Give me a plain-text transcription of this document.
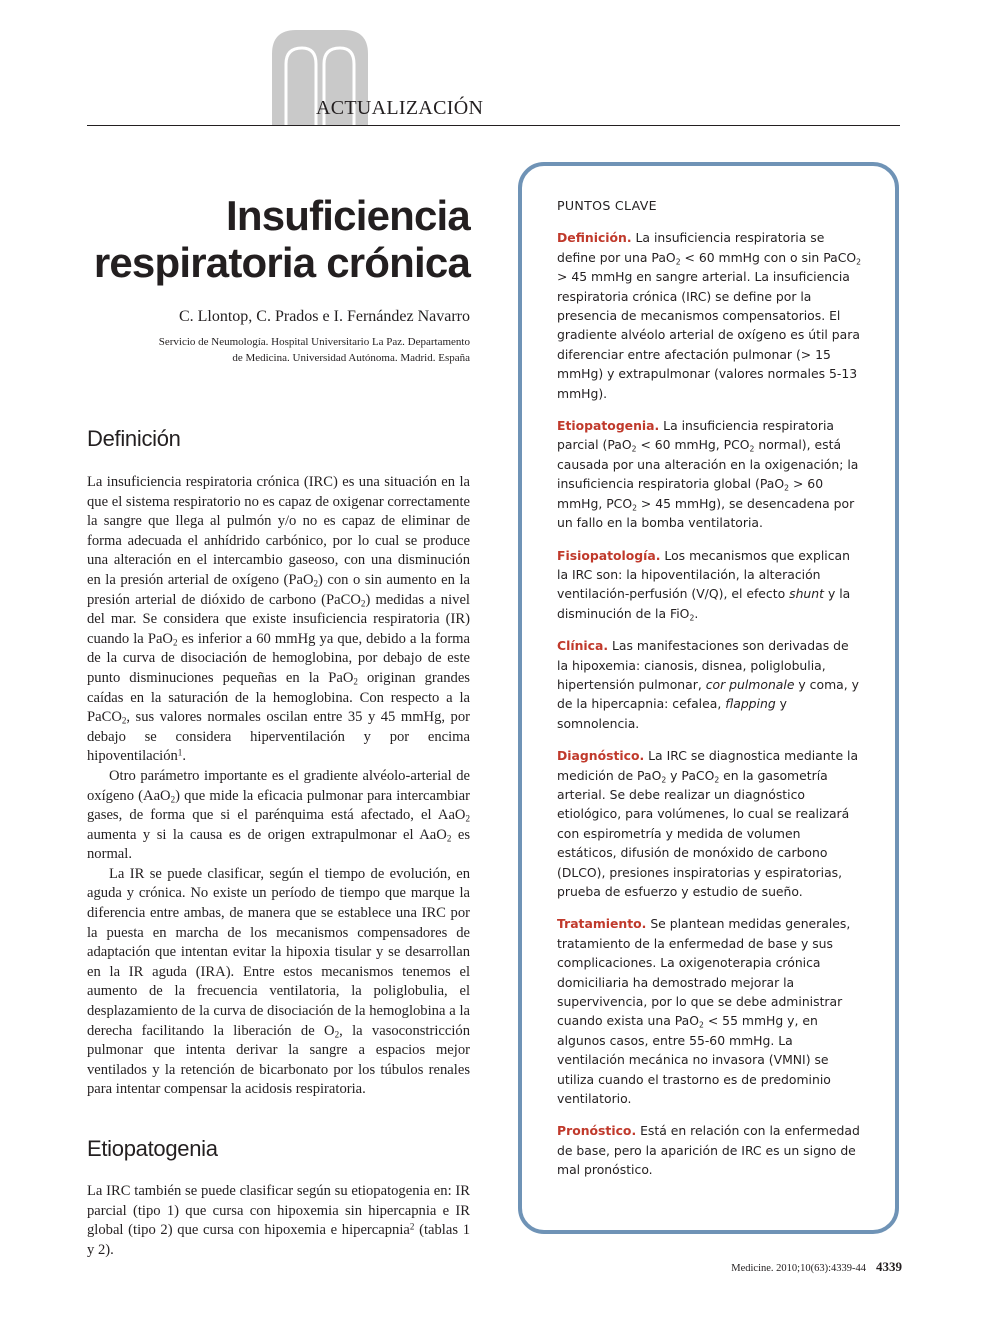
ACTUALIZACIÓN
Insuficiencia
respiratoria crónica
C. Llontop, C. Prados e I. Fernández Navarro
Servicio de Neumología. Hospital Universitario La Paz. Departamento
de Medicina. Universidad Autónoma. Madrid. España
Definición

La insuficiencia respiratoria crónica (IRC) es una situación en la que el sistema respiratorio no es capaz de oxigenar correctamente la sangre que llega al pulmón y/o no es capaz de eliminar de forma adecuada el anhídrido carbónico, por lo cual se produce una alteración en el intercambio gaseoso, con una disminución en la presión arterial de oxígeno (PaO$_2$) con o sin aumento en la presión arterial de dióxido de carbono (PaCO$_2$) medidas a nivel del mar. Se considera que existe insuficiencia respiratoria (IR) cuando la PaO$_2$ es inferior a 60 mmHg ya que, debido a la forma de la curva de disociación de hemoglobina, por debajo de este punto disminuciones pequeñas en la PaO$_2$ originan grandes caídas en la saturación de la hemoglobina. Con respecto a la PaCO$_2$, sus valores normales oscilan entre 35 y 45 mmHg, por debajo se considera hiperventilación y por encima hipoventilación$^1$.

Otro parámetro importante es el gradiente alvéolo-arterial de oxígeno (AaO$_2$) que mide la eficacia pulmonar para intercambiar gases, de forma que si el parénquima está afectado, el AaO$_2$ aumenta y si la causa es de origen extrapulmonar el AaO$_2$ es normal.

La IR se puede clasificar, según el tiempo de evolución, en aguda y crónica. No existe un período de tiempo que marque la diferencia entre ambas, de manera que se establece una IRC por la puesta en marcha de los mecanismos compensadores de adaptación que intentan evitar la hipoxia tisular y se desarrollan en la IR aguda (IRA). Entre estos mecanismos tenemos el aumento de la frecuencia ventilatoria, la poliglobulia, el desplazamiento de la curva de disociación de la hemoglobina a la derecha facilitando la liberación de $O_2$, la vasoconstricción pulmonar que intenta derivar la sangre a espacios mejor ventilados y la retención de bicarbonato por los túbulos renales para intentar compensar la acidosis respiratoria.

Etiopatogenia

La IRC también se puede clasificar según su etiopatogenia en: IR parcial (tipo 1) que cursa con hipoxemia sin hipercapnia e IR global (tipo 2) que cursa con hipoxemia e hipercapnia$^2$ (tablas 1 y 2).

PUNTOS CLAVE

Definición. La insuficiencia respiratoria se define por una PaO$_2$ < 60 mmHg con o sin PaCO$_2$ > 45 mmHg en sangre arterial. La insuficiencia respiratoria crónica (IRC) se define por la presencia de mecanismos compensatorios. El gradiente alvéolo arterial de oxígeno es útil para diferenciar entre afectación pulmonar (> 15 mmHg) y extrapulmonar (valores normales 5-13 mmHg).

Etiopatogenia. La insuficiencia respiratoria parcial (PaO$_2$ < 60 mmHg, $PCO_2$ normal), está causada por una alteración en la oxigenación; la insuficiencia respiratoria global (PaO$_2$ > 60 mmHg, $PCO_2 > 45$ mmHg), se desencadena por un fallo en la bomba ventilatoria.

Fisiopatología. Los mecanismos que explican la IRC son: la hipoventilación, la alteración ventilación-perfusión (V/Q), el efecto shunt y la disminución de la FiO$_2$.

Clínica. Las manifestaciones son derivadas de la hipoxemia: cianosis, disnea, poliglobulia, hipertensión pulmonar, cor pulmonale y coma, y de la hipercapnia: cefalea, flapping y somnolencia.

Diagnóstico. La IRC se diagnostica mediante la medición de PaO$_2$ y PaCO$_2$ en la gasometría arterial. Se debe realizar un diagnóstico etiológico, para volúmenes, lo cual se realizará con espirometría y medida de volumen estáticos, difusión de monóxido de carbono (DLCO), presiones inspiratorias y espiratorias, prueba de esfuerzo y estudio de sueño.

Tratamiento. Se plantean medidas generales, tratamiento de la enfermedad de base y sus complicaciones. La oxigenoterapia crónica domiciliaria ha demostrado mejorar la supervivencia, por lo que se debe administrar cuando exista una PaO$_2$ < 55 mmHg y, en algunos casos, entre 55-60 mmHg. La ventilación mecánica no invasora (VMNI) se utiliza cuando el trastorno es de predominio ventilatorio.

Pronóstico. Está en relación con la enfermedad de base, pero la aparición de IRC es un signo de mal pronóstico.

Medicine. 2010;10(63):4339-44 4339
